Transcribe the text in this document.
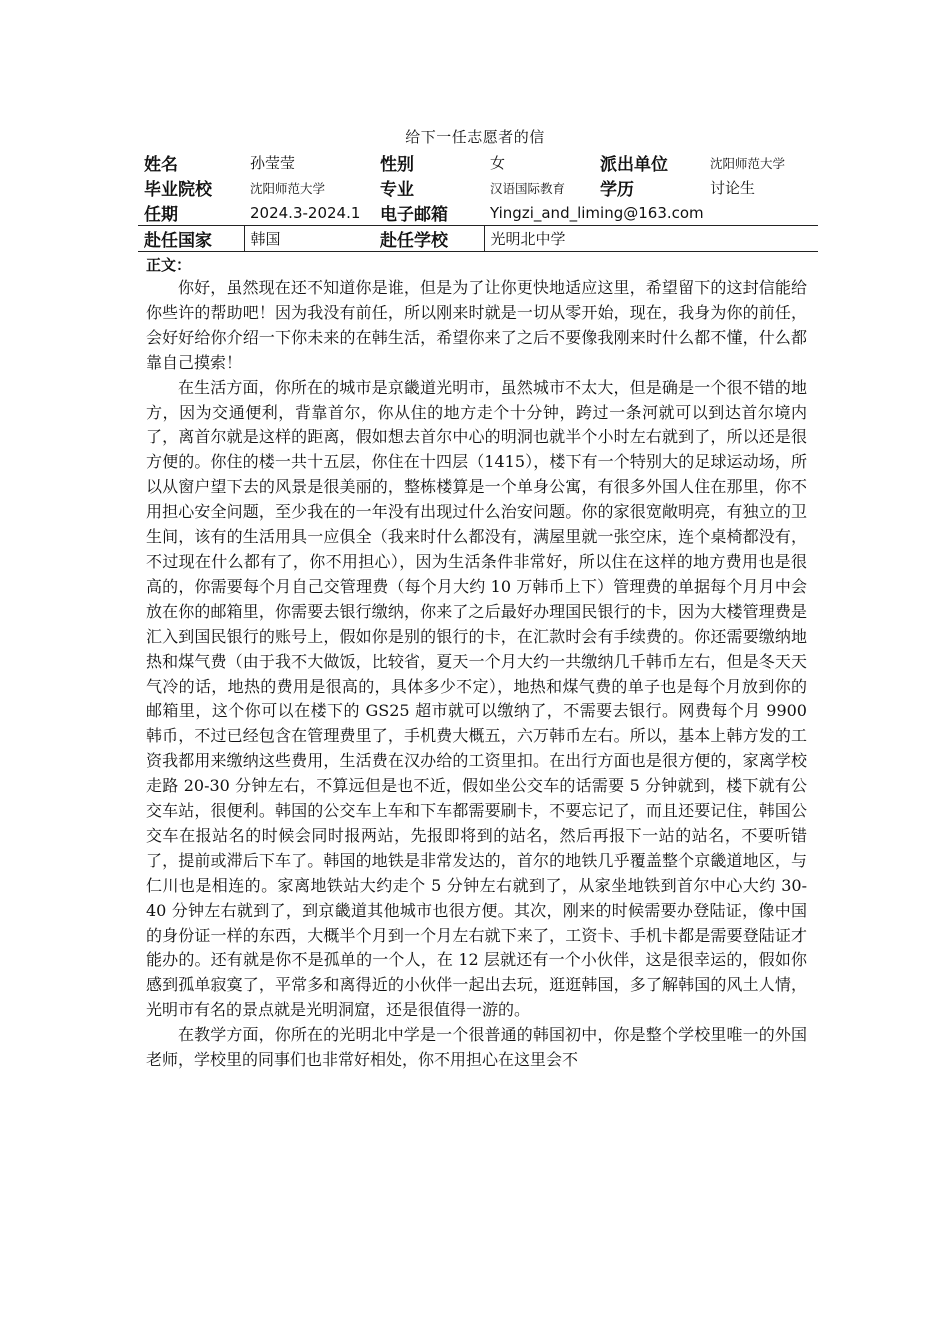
给下一任志愿者的信
姓名	孙莹莹	性别	女	派出单位	沈阳师范大学
毕业院校	沈阳师范大学	专业	汉语国际教育	学历	讨论生
任期	2024.3-2024.1	电子邮箱	Yingzi_and_liming@163.com		
赴任国家	韩国	赴任学校	光明北中学		
正文：

你好，虽然现在还不知道你是谁，但是为了让你更快地适应这里，希望留下的这封信能给你些许的帮助吧！因为我没有前任，所以刚来时就是一切从零开始，现在，我身为你的前任，会好好给你介绍一下你未来的在韩生活，希望你来了之后不要像我刚来时什么都不懂，什么都靠自己摸索！

在生活方面，你所在的城市是京畿道光明市，虽然城市不太大，但是确是一个很不错的地方，因为交通便利，背靠首尔，你从住的地方走个十分钟，跨过一条河就可以到达首尔境内了，离首尔就是这样的距离，假如想去首尔中心的明洞也就半个小时左右就到了，所以还是很方便的。你住的楼一共十五层，你住在十四层（1415），楼下有一个特别大的足球运动场，所以从窗户望下去的风景是很美丽的，整栋楼算是一个单身公寓，有很多外国人住在那里，你不用担心安全问题，至少我在的一年没有出现过什么治安问题。你的家很宽敞明亮，有独立的卫生间，该有的生活用具一应俱全（我来时什么都没有，满屋里就一张空床，连个桌椅都没有，不过现在什么都有了，你不用担心），因为生活条件非常好，所以住在这样的地方费用也是很高的，你需要每个月自己交管理费（每个月大约 10 万韩币上下）管理费的单据每个月月中会放在你的邮箱里，你需要去银行缴纳，你来了之后最好办理国民银行的卡，因为大楼管理费是汇入到国民银行的账号上，假如你是别的银行的卡，在汇款时会有手续费的。你还需要缴纳地热和煤气费（由于我不大做饭，比较省，夏天一个月大约一共缴纳几千韩币左右，但是冬天天气冷的话，地热的费用是很高的，具体多少不定），地热和煤气费的单子也是每个月放到你的邮箱里，这个你可以在楼下的 GS25 超市就可以缴纳了，不需要去银行。网费每个月 9900 韩币，不过已经包含在管理费里了，手机费大概五，六万韩币左右。所以，基本上韩方发的工资我都用来缴纳这些费用，生活费在汉办给的工资里扣。在出行方面也是很方便的，家离学校走路 20-30 分钟左右，不算远但是也不近，假如坐公交车的话需要 5 分钟就到，楼下就有公交车站，很便利。韩国的公交车上车和下车都需要刷卡，不要忘记了，而且还要记住，韩国公交车在报站名的时候会同时报两站，先报即将到的站名，然后再报下一站的站名，不要听错了，提前或滞后下车了。韩国的地铁是非常发达的，首尔的地铁几乎覆盖整个京畿道地区，与仁川也是相连的。家离地铁站大约走个 5 分钟左右就到了，从家坐地铁到首尔中心大约 30-40 分钟左右就到了，到京畿道其他城市也很方便。其次，刚来的时候需要办登陆证，像中国的身份证一样的东西，大概半个月到一个月左右就下来了，工资卡、手机卡都是需要登陆证才能办的。还有就是你不是孤单的一个人，在 12 层就还有一个小伙伴，这是很幸运的，假如你感到孤单寂寞了，平常多和离得近的小伙伴一起出去玩，逛逛韩国，多了解韩国的风土人情，光明市有名的景点就是光明洞窟，还是很值得一游的。

在教学方面，你所在的光明北中学是一个很普通的韩国初中，你是整个学校里唯一的外国老师，学校里的同事们也非常好相处，你不用担心在这里会不
